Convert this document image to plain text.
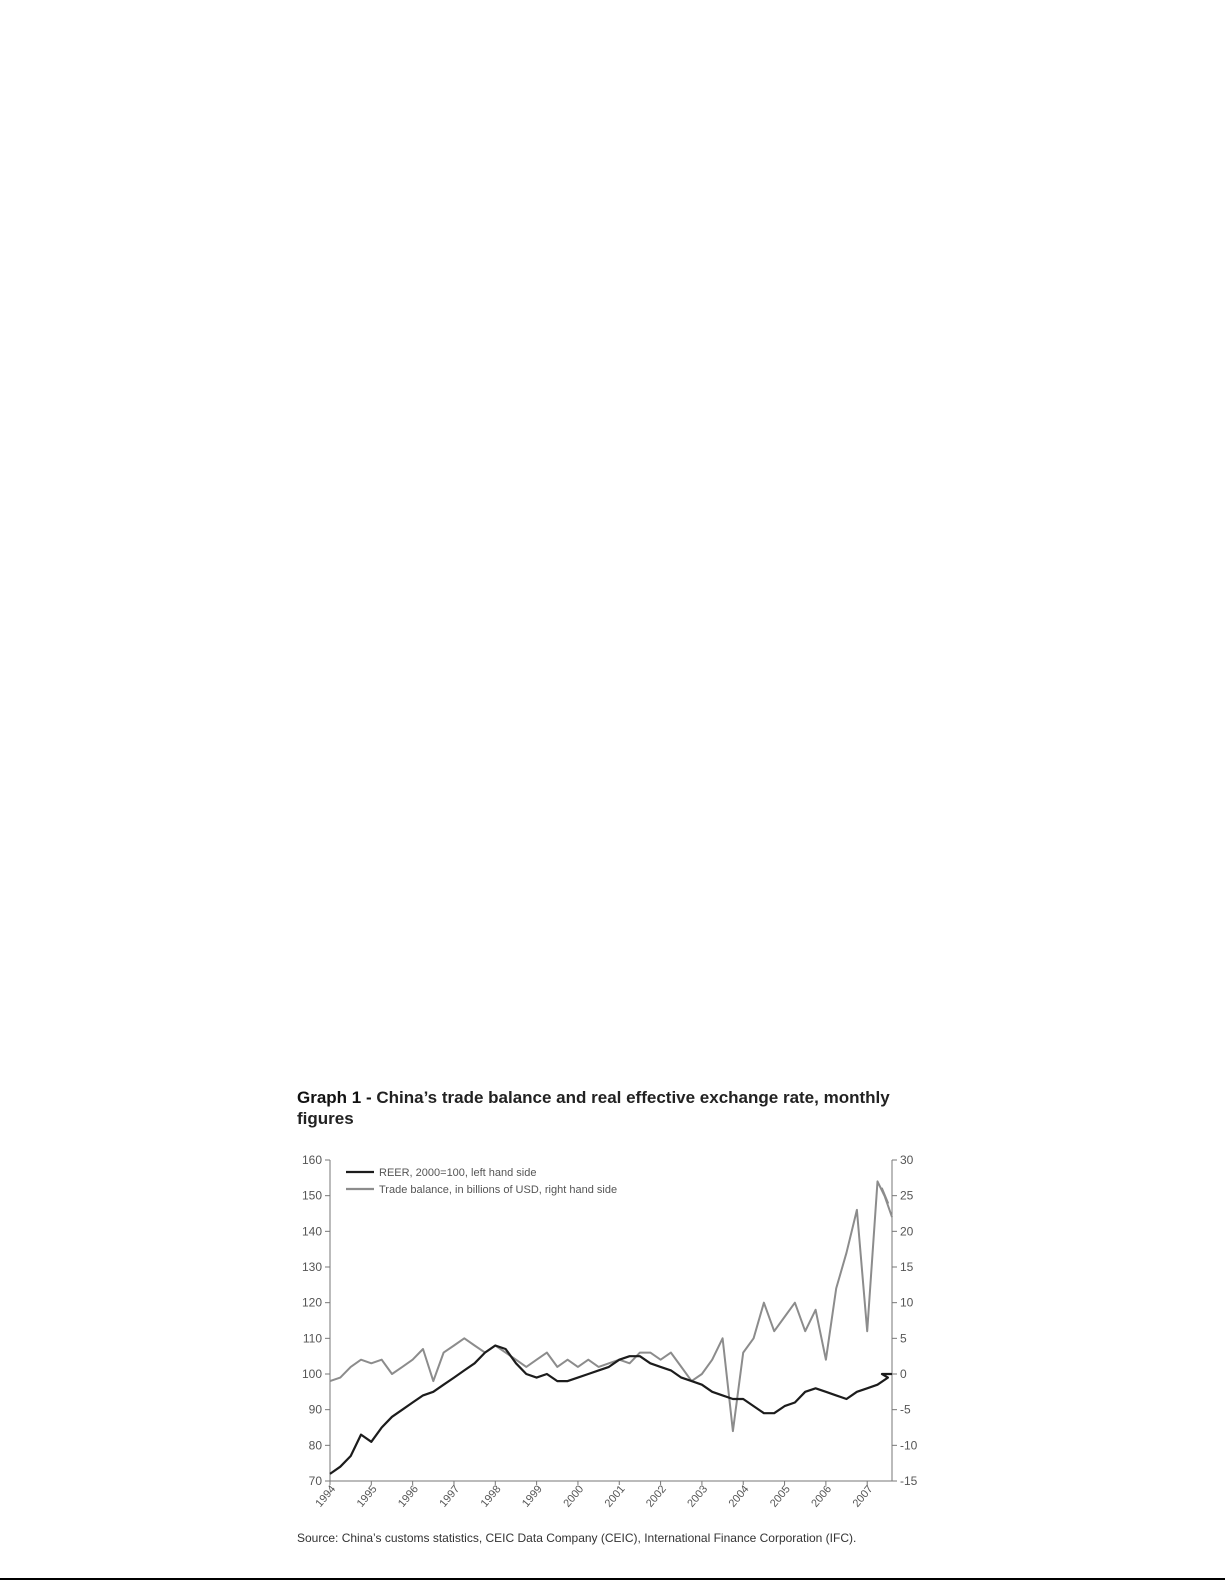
Graph 1 - China’s trade balance and real effective exchange rate, monthly figures

70
80
90
100
110
120
130
140
150
160
-15
-10
-5
0
5
10
15
20
25
30
1994 1995 1996 1997 1998 1999 2000 2001 2002 2003 2004 2005 2006 2007
REER, 2000=100, left hand side
Trade balance, in billions of USD, right hand side
Source: China’s customs statistics, CEIC Data Company (CEIC), International Finance Corporation (IFC).
